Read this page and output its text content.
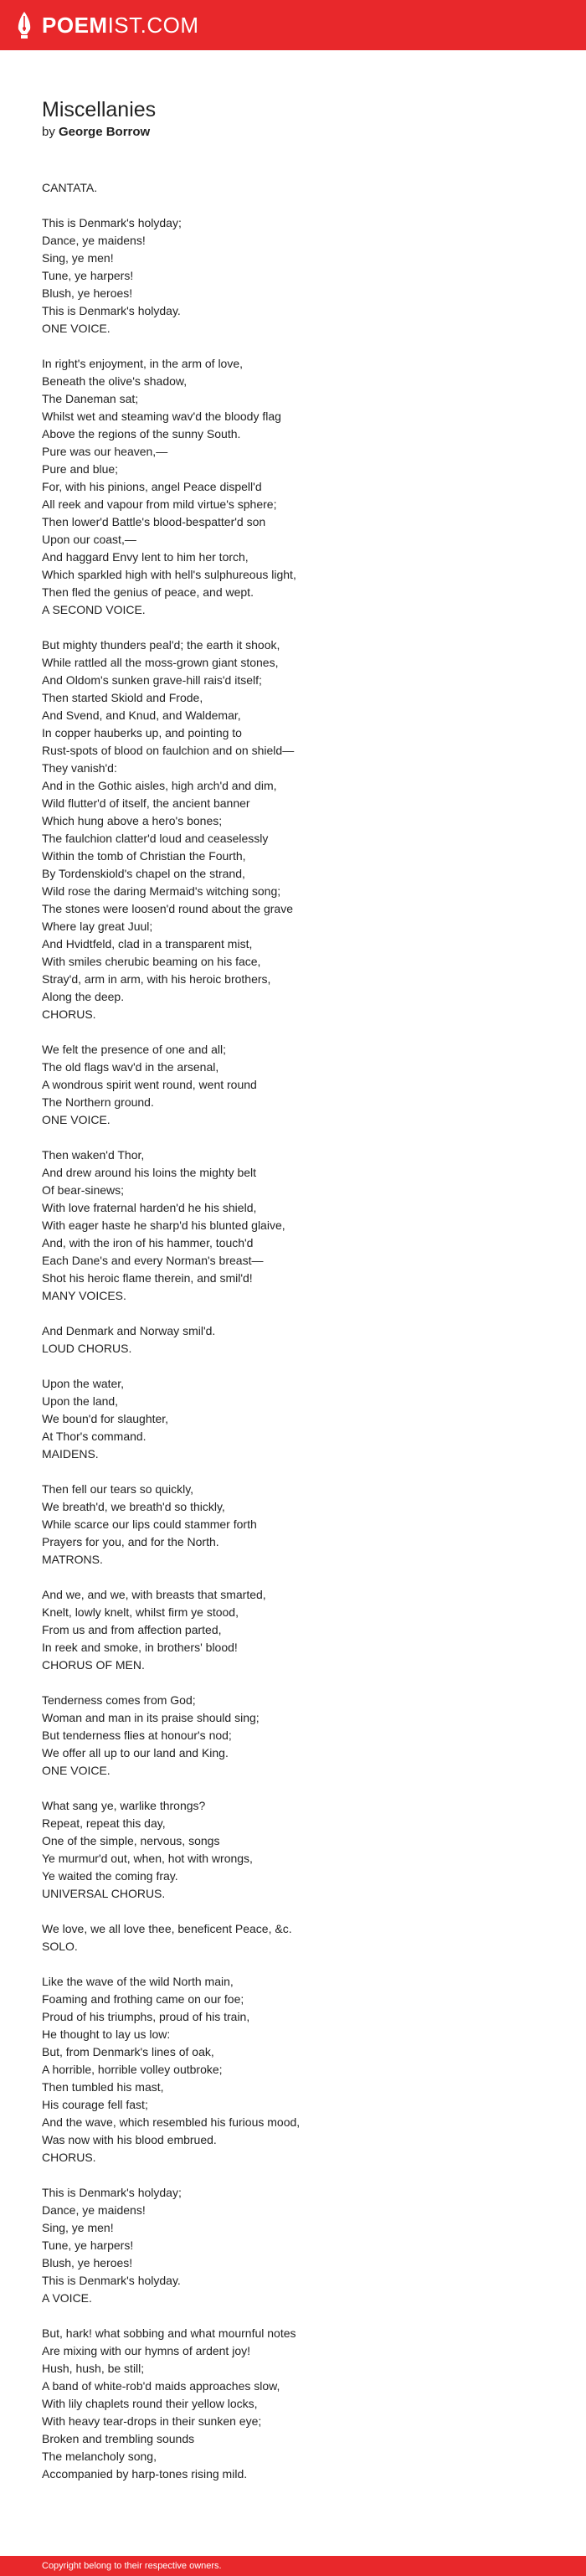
POEMIST.COM
Miscellanies
by George Borrow

CANTATA.

This is Denmark's holyday;
Dance, ye maidens!
Sing, ye men!
Tune, ye harpers!
Blush, ye heroes!
This is Denmark's holyday.
ONE VOICE.

In right's enjoyment, in the arm of love,
Beneath the olive's shadow,
The Daneman sat;
Whilst wet and steaming wav'd the bloody flag
Above the regions of the sunny South.
Pure was our heaven,—
Pure and blue;
For, with his pinions, angel Peace dispell'd
All reek and vapour from mild virtue's sphere;
Then lower'd Battle's blood-bespatter'd son
Upon our coast,—
And haggard Envy lent to him her torch,
Which sparkled high with hell's sulphureous light,
Then fled the genius of peace, and wept.
A SECOND VOICE.

But mighty thunders peal'd; the earth it shook,
While rattled all the moss-grown giant stones,
And Oldom's sunken grave-hill rais'd itself;
Then started Skiold and Frode,
And Svend, and Knud, and Waldemar,
In copper hauberks up, and pointing to
Rust-spots of blood on faulchion and on shield—
They vanish'd:
And in the Gothic aisles, high arch'd and dim,
Wild flutter'd of itself, the ancient banner
Which hung above a hero's bones;
The faulchion clatter'd loud and ceaselessly
Within the tomb of Christian the Fourth,
By Tordenskiold's chapel on the strand,
Wild rose the daring Mermaid's witching song;
The stones were loosen'd round about the grave
Where lay great Juul;
And Hvidtfeld, clad in a transparent mist,
With smiles cherubic beaming on his face,
Stray'd, arm in arm, with his heroic brothers,
Along the deep.
CHORUS.

We felt the presence of one and all;
The old flags wav'd in the arsenal,
A wondrous spirit went round, went round
The Northern ground.
ONE VOICE.

Then waken'd Thor,
And drew around his loins the mighty belt
Of bear-sinews;
With love fraternal harden'd he his shield,
With eager haste he sharp'd his blunted glaive,
And, with the iron of his hammer, touch'd
Each Dane's and every Norman's breast—
Shot his heroic flame therein, and smil'd!
MANY VOICES.

And Denmark and Norway smil'd.
LOUD CHORUS.

Upon the water,
Upon the land,
We boun'd for slaughter,
At Thor's command.
MAIDENS.

Then fell our tears so quickly,
We breath'd, we breath'd so thickly,
While scarce our lips could stammer forth
Prayers for you, and for the North.
MATRONS.

And we, and we, with breasts that smarted,
Knelt, lowly knelt, whilst firm ye stood,
From us and from affection parted,
In reek and smoke, in brothers' blood!
CHORUS OF MEN.

Tenderness comes from God;
Woman and man in its praise should sing;
But tenderness flies at honour's nod;
We offer all up to our land and King.
ONE VOICE.

What sang ye, warlike throngs?
Repeat, repeat this day,
One of the simple, nervous, songs
Ye murmur'd out, when, hot with wrongs,
Ye waited the coming fray.
UNIVERSAL CHORUS.

We love, we all love thee, beneficent Peace, &c.
SOLO.

Like the wave of the wild North main,
Foaming and frothing came on our foe;
Proud of his triumphs, proud of his train,
He thought to lay us low:
But, from Denmark's lines of oak,
A horrible, horrible volley outbroke;
Then tumbled his mast,
His courage fell fast;
And the wave, which resembled his furious mood,
Was now with his blood embrued.
CHORUS.

This is Denmark's holyday;
Dance, ye maidens!
Sing, ye men!
Tune, ye harpers!
Blush, ye heroes!
This is Denmark's holyday.
A VOICE.

But, hark! what sobbing and what mournful notes
Are mixing with our hymns of ardent joy!
Hush, hush, be still;
A band of white-rob'd maids approaches slow,
With lily chaplets round their yellow locks,
With heavy tear-drops in their sunken eye;
Broken and trembling sounds
The melancholy song,
Accompanied by harp-tones rising mild.

Copyright belong to their respective owners.
